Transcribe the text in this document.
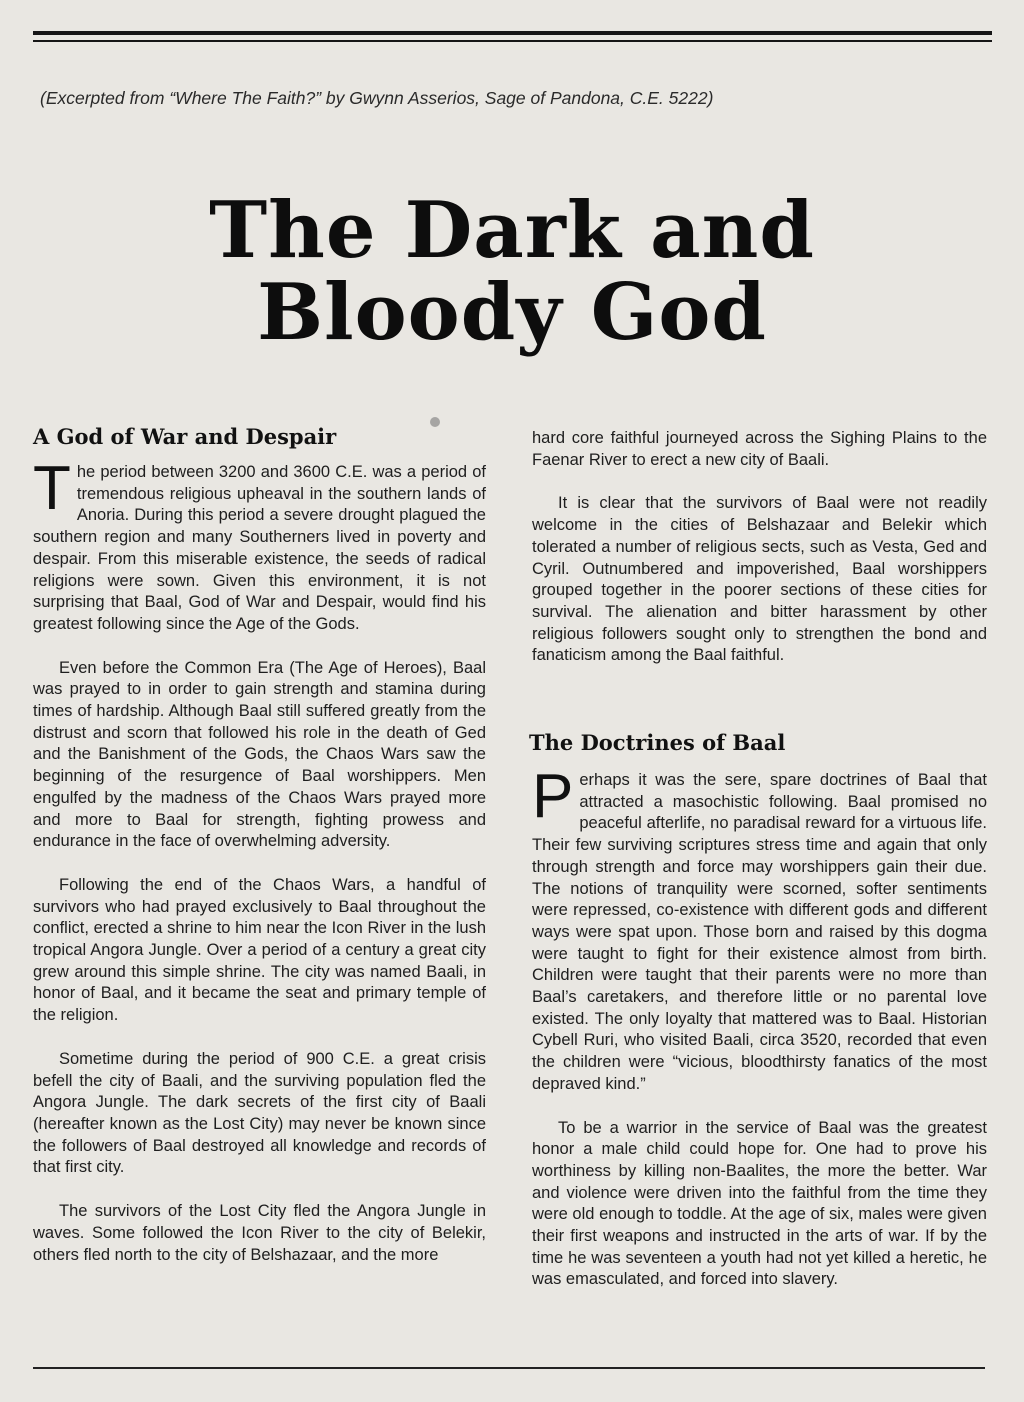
(Excerpted from “Where The Faith?” by Gwynn Asserios, Sage of Pandona, C.E. 5222)
The Dark and
Bloody God
A God of War and Despair

The period between 3200 and 3600 C.E. was a period of tremendous religious upheaval in the southern lands of Anoria. During this period a severe drought plagued the southern region and many Southerners lived in poverty and despair. From this miserable existence, the seeds of radical religions were sown. Given this environment, it is not surprising that Baal, God of War and Despair, would find his greatest following since the Age of the Gods.

Even before the Common Era (The Age of Heroes), Baal was prayed to in order to gain strength and stamina during times of hardship. Although Baal still suffered greatly from the distrust and scorn that followed his role in the death of Ged and the Banishment of the Gods, the Chaos Wars saw the beginning of the resurgence of Baal worshippers. Men engulfed by the madness of the Chaos Wars prayed more and more to Baal for strength, fighting prowess and endurance in the face of overwhelming adversity.

Following the end of the Chaos Wars, a handful of survivors who had prayed exclusively to Baal throughout the conflict, erected a shrine to him near the Icon River in the lush tropical Angora Jungle. Over a period of a century a great city grew around this simple shrine. The city was named Baali, in honor of Baal, and it became the seat and primary temple of the religion.

Sometime during the period of 900 C.E. a great crisis befell the city of Baali, and the surviving population fled the Angora Jungle. The dark secrets of the first city of Baali (hereafter known as the Lost City) may never be known since the followers of Baal destroyed all knowledge and records of that first city.

The survivors of the Lost City fled the Angora Jungle in waves. Some followed the Icon River to the city of Belekir, others fled north to the city of Belshazaar, and the more

hard core faithful journeyed across the Sighing Plains to the Faenar River to erect a new city of Baali.

It is clear that the survivors of Baal were not readily welcome in the cities of Belshazaar and Belekir which tolerated a number of religious sects, such as Vesta, Ged and Cyril. Outnumbered and impoverished, Baal worshippers grouped together in the poorer sections of these cities for survival. The alienation and bitter harassment by other religious followers sought only to strengthen the bond and fanaticism among the Baal faithful.

The Doctrines of Baal

Perhaps it was the sere, spare doctrines of Baal that attracted a masochistic following. Baal promised no peaceful afterlife, no paradisal reward for a virtuous life. Their few surviving scriptures stress time and again that only through strength and force may worshippers gain their due. The notions of tranquility were scorned, softer sentiments were repressed, co-existence with different gods and different ways were spat upon. Those born and raised by this dogma were taught to fight for their existence almost from birth. Children were taught that their parents were no more than Baal’s caretakers, and therefore little or no parental love existed. The only loyalty that mattered was to Baal. Historian Cybell Ruri, who visited Baali, circa 3520, recorded that even the children were “vicious, bloodthirsty fanatics of the most depraved kind.”

To be a warrior in the service of Baal was the greatest honor a male child could hope for. One had to prove his worthiness by killing non-Baalites, the more the better. War and violence were driven into the faithful from the time they were old enough to toddle. At the age of six, males were given their first weapons and instructed in the arts of war. If by the time he was seventeen a youth had not yet killed a heretic, he was emasculated, and forced into slavery.
